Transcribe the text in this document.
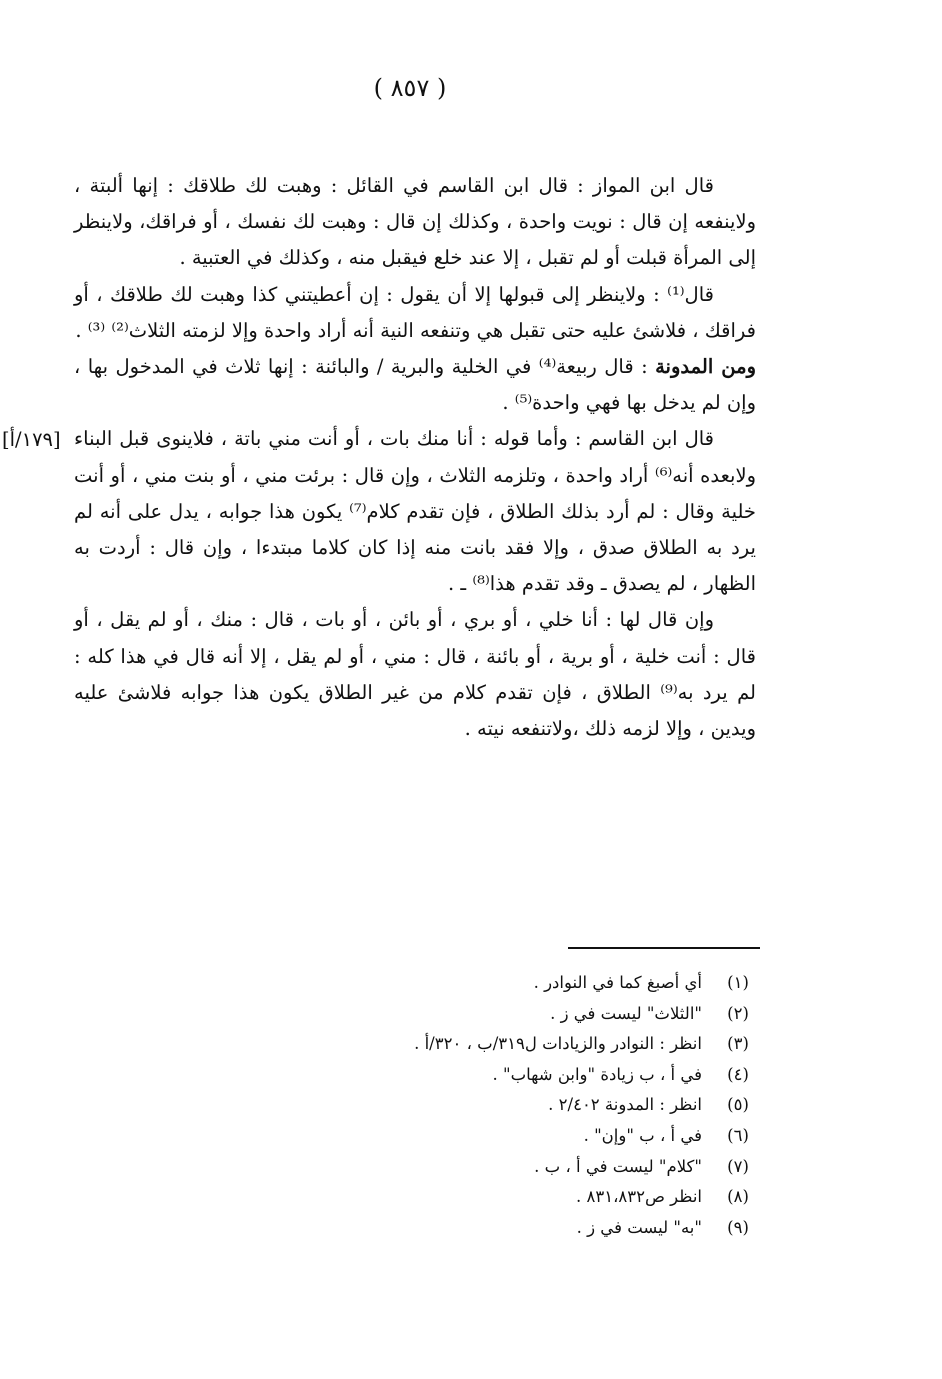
( ٨٥٧ )
[١٧٩/أ]

قال ابن المواز : قال ابن القاسم في القائل : وهبت لك طلاقك : إنها ألبتة ، ولاينفعه إن قال : نويت واحدة ، وكذلك إن قال : وهبت لك نفسك ، أو فراقك، ولاينظر إلى المرأة قبلت أو لم تقبل ، إلا عند خلع فيقبل منه ، وكذلك في العتبية .

قال⁽¹⁾ : ولاينظر إلى قبولها إلا أن يقول : إن أعطيتني كذا وهبت لك طلاقك ، أو فراقك ، فلاشئ عليه حتى تقبل هي وتنفعه النية أنه أراد واحدة وإلا لزمته الثلاث⁽²⁾ ⁽³⁾ .

ومن المدونة : قال ربيعة⁽⁴⁾ في الخلية والبرية / والبائنة : إنها ثلاث في المدخول بها ، وإن لم يدخل بها فهي واحدة⁽⁵⁾ .

قال ابن القاسم : وأما قوله : أنا منك بات ، أو أنت مني باتة ، فلاينوى قبل البناء ولابعده أنه⁽⁶⁾ أراد واحدة ، وتلزمه الثلاث ، وإن قال : برئت مني ، أو بنت مني ، أو أنت خلية وقال : لم أرد بذلك الطلاق ، فإن تقدم كلام⁽⁷⁾ يكون هذا جوابه ، يدل على أنه لم يرد به الطلاق صدق ، وإلا فقد بانت منه إذا كان كلاما مبتدءا ، وإن قال : أردت به الظهار ، لم يصدق ـ وقد تقدم هذا⁽⁸⁾ ـ .

وإن قال لها : أنا خلي ، أو بري ، أو بائن ، أو بات ، قال : منك ، أو لم يقل ، أو قال : أنت خلية ، أو برية ، أو بائنة ، قال : مني ، أو لم يقل ، إلا أنه قال في هذا كله : لم يرد به⁽⁹⁾ الطلاق ، فإن تقدم كلام من غير الطلاق يكون هذا جوابه فلاشئ عليه ويدين ، وإلا لزمه ذلك ،ولاتنفعه نيته .

(١)
أي أصبغ كما في النوادر .
(٢)
"الثلاث" ليست في ز .
(٣)
انظر : النوادر والزيادات ل٣١٩/ب ، ٣٢٠/أ .
(٤)
في أ ، ب زيادة "وابن شهاب" .
(٥)
انظر : المدونة ٢/٤٠٢ .
(٦)
في أ ، ب "وإن" .
(٧)
"كلام" ليست في أ ، ب .
(٨)
انظر ص٨٣١،٨٣٢ .
(٩)
"به" ليست في ز .
